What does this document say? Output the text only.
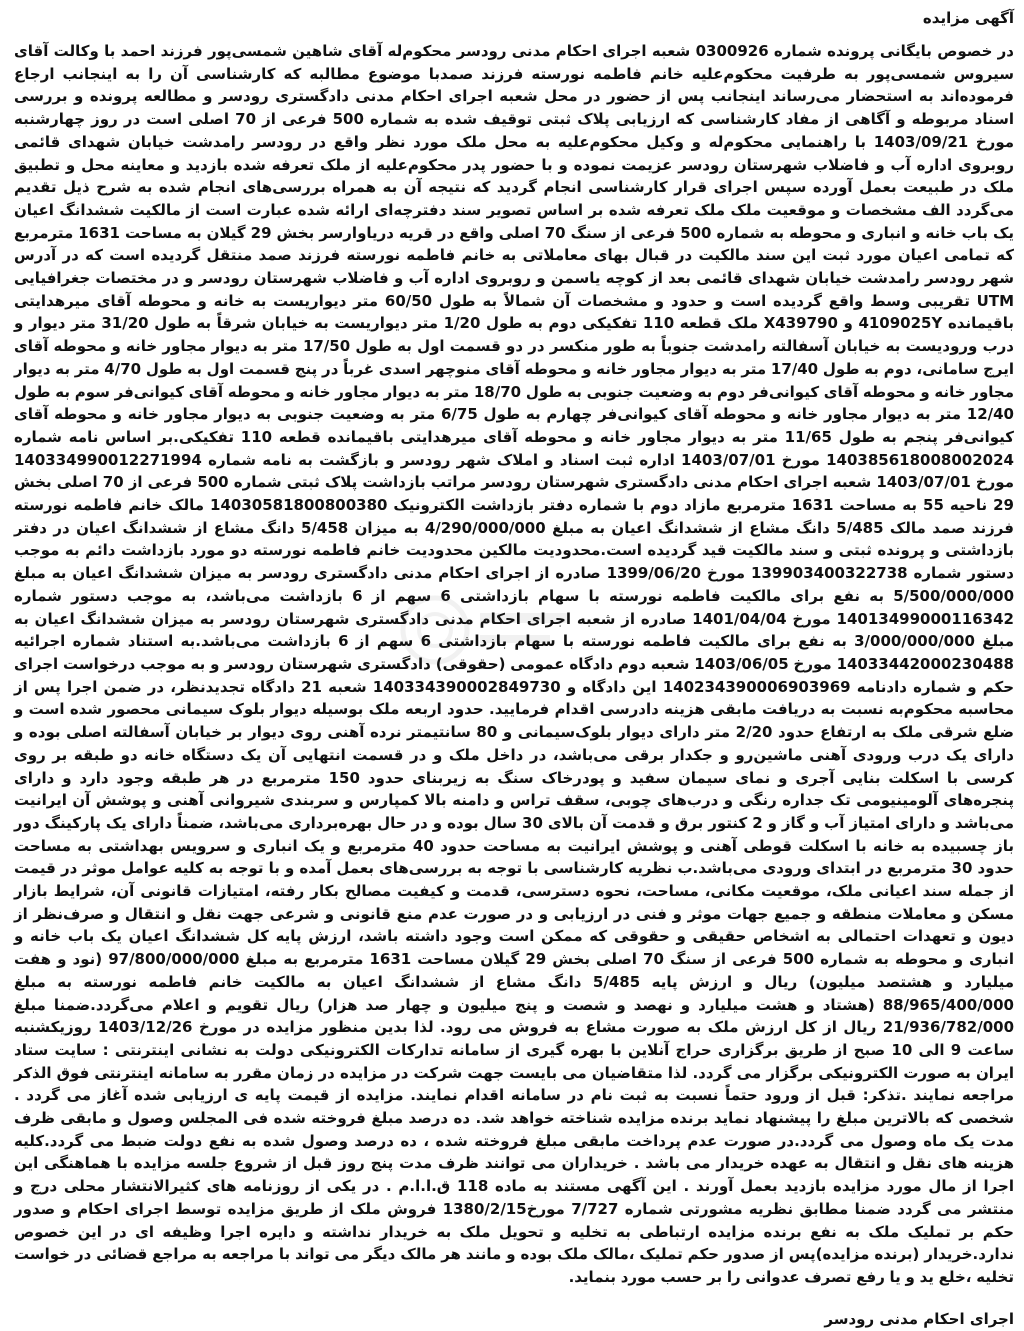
آگهی مزایده

در خصوص بایگانی پرونده شماره 0300926 شعبه اجرای احکام مدنی رودسر محکوم‌له آقای شاهین شمسی‌پور فرزند احمد با وکالت آقای سیروس شمسی‌پور به طرفیت محکوم‌علیه خانم فاطمه نورسته فرزند صمد‌با موضوع مطالبه که کارشناسی آن را به اینجانب ارجاع فرموده‌اند به استحضار می‌رساند اینجانب پس از حضور در محل شعبه اجرای احکام مدنی دادگستری رودسر و مطالعه پرونده و بررسی اسناد مربوطه و آگاهی از مفاد کارشناسی که ارزیابی پلاک ثبتی توقیف شده به شماره 500 فرعی از 70 اصلی است در روز چهارشنبه مورخ 1403/09/21 با راهنمایی محکوم‌له و وکیل محکوم‌علیه به محل ملک مورد نظر واقع در رودسر رامدشت خیابان شهدای قائمی روبروی اداره آب و فاضلاب شهرستان رودسر عزیمت نموده و با حضور پدر محکوم‌علیه از ملک تعرفه شده بازدید و معاینه محل و تطبیق ملک در طبیعت بعمل آورده سپس اجرای قرار کارشناسی انجام گردید که نتیجه آن به همراه بررسی‌های انجام شده به شرح ذیل تقدیم می‌گردد الف مشخصات و موقعیت ملک ملک تعرفه شده بر اساس تصویر سند دفترچه‌ای ارائه شده عبارت است از مالکیت ششدانگ اعیان یک باب خانه و انباری و محوطه به شماره 500 فرعی از سنگ 70 اصلی واقع در قریه دریاوارسر بخش 29 گیلان به مساحت 1631 مترمربع که تمامی اعیان مورد ثبت این سند مالکیت در قبال بهای معاملاتی به خانم فاطمه نورسته فرزند صمد منتقل گردیده است که در آدرس شهر رودسر رامدشت خیابان شهدای قائمی بعد از کوچه یاسمن و روبروی اداره آب و فاضلاب شهرستان رودسر و در مختصات جغرافیایی UTM تقریبی وسط واقع گردیده است و حدود و مشخصات آن شمالاً به طول 60/50 متر دیواریست به خانه و محوطه آقای میرهدایتی باقیمانده 4109025Y و X439790 ملک قطعه 110 تفکیکی دوم به طول 1/20 متر دیواریست به خیابان شرقاً به طول 31/20 متر دیوار و درب ورودیست به خیابان آسفالته رامدشت جنوباً به طور منکسر در دو قسمت اول به طول 17/50 متر به دیوار مجاور خانه و محوطه آقای ایرج سامانی، دوم به طول 17/40 متر به دیوار مجاور خانه و محوطه آقای منوچهر اسدی غرباً در پنج قسمت اول به طول 4/70 متر به دیوار مجاور خانه و محوطه آقای کیوانی‌فر دوم به وضعیت جنوبی به طول 18/70 متر به دیوار مجاور خانه و محوطه آقای کیوانی‌فر سوم به طول 12/40 متر به دیوار مجاور خانه و محوطه آقای کیوانی‌فر چهارم به طول 6/75 متر به وضعیت جنوبی به دیوار مجاور خانه و محوطه آقای کیوانی‌فر پنجم به طول 11/65 متر به دیوار مجاور خانه و محوطه آقای میرهدایتی باقیمانده قطعه 110 تفکیکی.بر اساس نامه شماره 140385618008002024 مورخ 1403/07/01 اداره ثبت اسناد و املاک شهر رودسر و بازگشت به نامه شماره 140334990012271994 مورخ 1403/07/01 شعبه اجرای احکام مدنی دادگستری شهرستان رودسر مراتب بازداشت پلاک ثبتی شماره 500 فرعی از 70 اصلی بخش 29 ناحیه 55 به مساحت 1631 مترمربع مازاد دوم با شماره دفتر بازداشت الکترونیک 14030581800800380 مالک خانم فاطمه نورسته فرزند صمد مالک 5/485 دانگ مشاع از ششدانگ اعیان به مبلغ 4/290/000/000 به میزان 5/458 دانگ مشاع از ششدانگ اعیان در دفتر بازداشتی و پرونده ثبتی و سند مالکیت قید گردیده است.محدودیت مالکین محدودیت خانم فاطمه نورسته دو مورد بازداشت دائم به موجب دستور شماره 139903400322738 مورخ 1399/06/20 صادره از اجرای احکام مدنی دادگستری رودسر به میزان ششدانگ اعیان به مبلغ 5/500/000/000 به نفع برای مالکیت فاطمه نورسته با سهام بازداشتی 6 سهم از 6 بازداشت می‌باشد، به موجب دستور شماره 14013499000116342 مورخ 1401/04/04 صادره از شعبه اجرای احکام مدنی دادگستری شهرستان رودسر به میزان ششدانگ اعیان به مبلغ 3/000/000/000 به نفع برای مالکیت فاطمه نورسته با سهام بازداشتی 6 سهم از 6 بازداشت می‌باشد.به استناد شماره اجرائیه 14033442000230488 مورخ 1403/06/05 شعبه دوم دادگاه عمومی (حقوقی) دادگستری شهرستان رودسر و به موجب درخواست اجرای حکم و شماره دادنامه 140234390006903969 این دادگاه و 140334390002849730 شعبه 21 دادگاه تجدیدنظر، در ضمن اجرا پس از محاسبه محکوم‌به نسبت به دریافت مابقی هزینه دادرسی اقدام فرمایید. حدود اربعه ملک بوسیله دیوار بلوک سیمانی محصور شده است و ضلع شرقی ملک به ارتفاع حدود 2/20 متر دارای دیوار بلوک‌سیمانی و 80 سانتیمتر نرده آهنی روی دیوار بر خیابان آسفالته اصلی بوده و دارای یک درب ورودی آهنی ماشین‌رو و جکدار برقی می‌باشد، در داخل ملک و در قسمت انتهایی آن یک دستگاه خانه دو طبقه بر روی کرسی با اسکلت بنایی آجری و نمای سیمان سفید و پودرخاک سنگ به زیربنای حدود 150 مترمربع در هر طبقه وجود دارد و دارای پنجره‌های آلومینیومی تک جداره رنگی و درب‌های چوبی، سقف تراس و دامنه بالا کمپارس و سربندی شیروانی آهنی و پوشش آن ایرانیت می‌باشد و دارای امتیاز آب و گاز و 2 کنتور برق و قدمت آن بالای 30 سال بوده و در حال بهره‌برداری می‌باشد، ضمناً دارای یک پارکینگ دور باز چسبیده به خانه با اسکلت قوطی آهنی و پوشش ایرانیت به مساحت حدود 40 مترمربع و یک انباری و سرویس بهداشتی به مساحت حدود 30 مترمربع در ابتدای ورودی می‌باشد.ب نظریه کارشناسی با توجه به بررسی‌های بعمل آمده و با توجه به کلیه عوامل موثر در قیمت از جمله سند اعیانی ملک، موقعیت مکانی، مساحت، نحوه دسترسی، قدمت و کیفیت مصالح بکار رفته، امتیازات قانونی آن، شرایط بازار مسکن و معاملات منطقه و جمیع جهات موثر و فنی در ارزیابی و در صورت عدم منع قانونی و شرعی جهت نقل و انتقال و صرف‌نظر از دیون و تعهدات احتمالی به اشخاص حقیقی و حقوقی که ممکن است وجود داشته باشد، ارزش پایه کل ششدانگ اعیان یک باب خانه و انباری و محوطه به شماره 500 فرعی از سنگ 70 اصلی بخش 29 گیلان مساحت 1631 مترمربع به مبلغ 97/800/000/000 (نود و هفت میلیارد و هشتصد میلیون) ریال و ارزش پایه 5/485 دانگ مشاع از ششدانگ اعیان به مالکیت خانم فاطمه نورسته به مبلغ 88/965/400/000 (هشتاد و هشت میلیارد و نهصد و شصت و پنج میلیون و چهار صد هزار) ریال تقویم و اعلام می‌گردد.ضمنا مبلغ 21/936/782/000 ریال از کل ارزش ملک به صورت مشاع به فروش می رود. لذا بدین منظور مزایده در مورخ 1403/12/26 روزیکشنبه ساعت 9 الی 10 صبح از طریق برگزاری حراج آنلاین با بهره گیری از سامانه تدارکات الکترونیکی دولت به نشانی اینترنتی : سایت ستاد ایران به صورت الکترونیکی برگزار می گردد. لذا متقاضیان می بایست جهت شرکت در مزایده در زمان مقرر به سامانه اینترنتی فوق الذکر مراجعه نمایند .تذکر: قبل از ورود حتماً نسبت به ثبت نام در سامانه اقدام نمایند. مزایده از قیمت پایه ی ارزیابی شده آغاز می گردد . شخصی که بالاترین مبلغ را پیشنهاد نماید برنده مزایده شناخته خواهد شد. ده درصد مبلغ فروخته شده فی المجلس وصول و مابقی ظرف مدت یک ماه وصول می گردد.در صورت عدم پرداخت مابقی مبلغ فروخته شده ، ده درصد وصول شده به نفع دولت ضبط می گردد.کلیه هزینه های نقل و انتقال به عهده خریدار می باشد . خریداران می توانند ظرف مدت پنج روز قبل از شروع جلسه مزایده با هماهنگی این اجرا از مال مورد مزایده بازدید بعمل آورند . این آگهی مستند به ماده 118 ق.ا.ا.م . در یکی از روزنامه های کثیرالانتشار محلی درج و منتشر می گردد ضمنا مطابق نظریه مشورتی شماره 7/727 مورخ1380/2/15 فروش ملک از طریق مزایده توسط اجرای احکام و صدور حکم بر تملیک ملک به نفع برنده مزایده ارتباطی به تخلیه و تحویل ملک به خریدار نداشته و دایره اجرا وظیفه ای در این خصوص ندارد.خریدار (برنده مزایده)پس از صدور حکم تملیک ،مالک ملک بوده و مانند هر مالک دیگر می تواند با مراجعه به مراجع قضائی در خواست تخلیه ،خلع ید و یا رفع تصرف عدوانی را بر حسب مورد بنماید.

اجرای احکام مدنی رودسر
